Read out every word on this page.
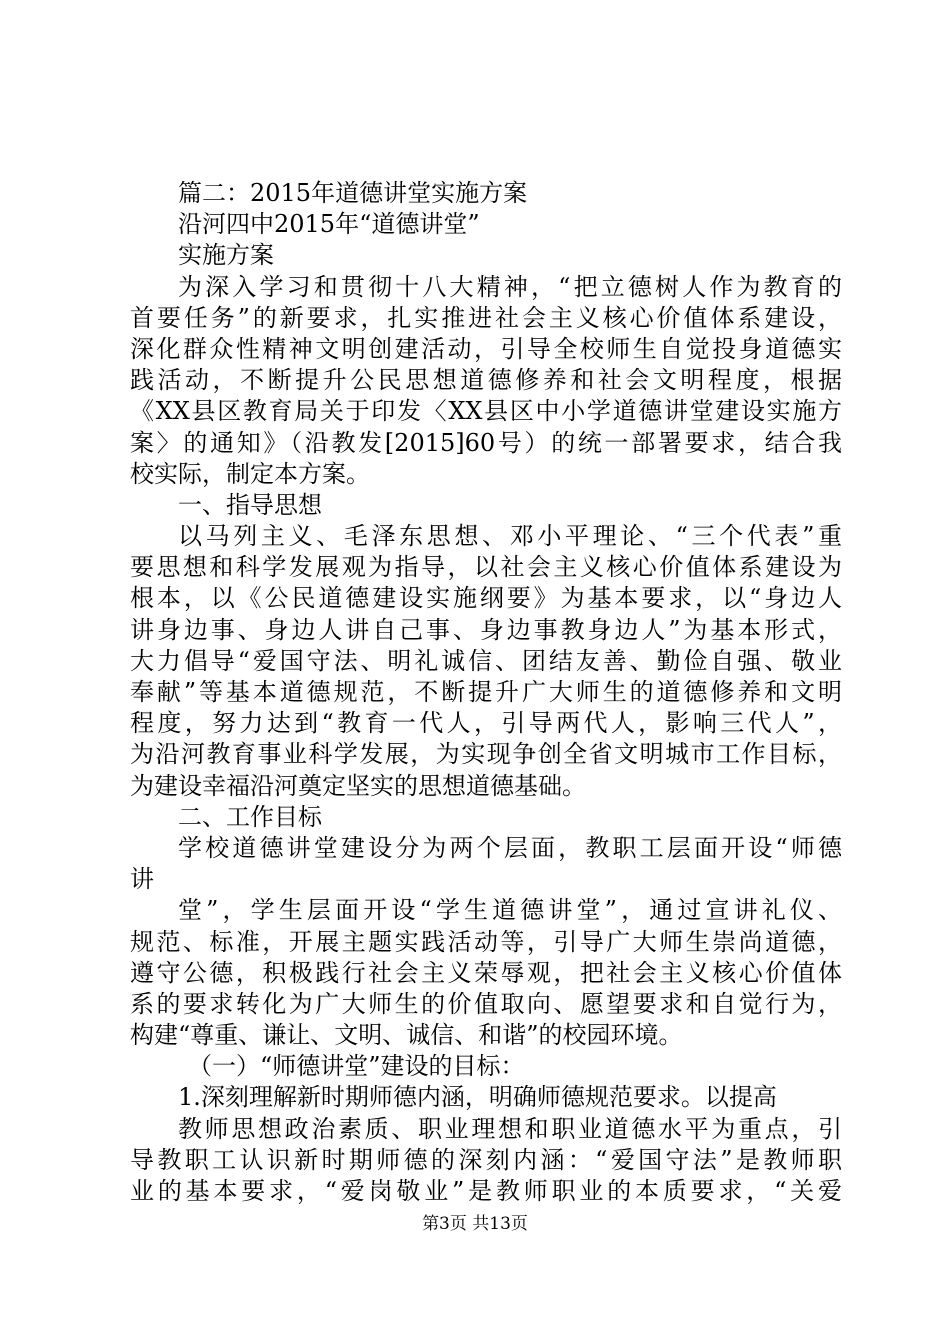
篇二：2015年道德讲堂实施方案
沿河四中2015年“道德讲堂”
实施方案
为深入学习和贯彻十八大精神，“把立德树人作为教育的
首要任务”的新要求，扎实推进社会主义核心价值体系建设，
深化群众性精神文明创建活动，引导全校师生自觉投身道德实
践活动，不断提升公民思想道德修养和社会文明程度，根据
《XX县区教育局关于印发〈XX县区中小学道德讲堂建设实施方
案〉的通知》（沿教发[2015]60号）的统一部署要求，结合我
校实际，制定本方案。
一、指导思想
以马列主义、毛泽东思想、邓小平理论、“三个代表”重
要思想和科学发展观为指导，以社会主义核心价值体系建设为
根本，以《公民道德建设实施纲要》为基本要求，以“身边人
讲身边事、身边人讲自己事、身边事教身边人”为基本形式，
大力倡导“爱国守法、明礼诚信、团结友善、勤俭自强、敬业
奉献”等基本道德规范，不断提升广大师生的道德修养和文明
程度，努力达到“教育一代人，引导两代人，影响三代人”，
为沿河教育事业科学发展，为实现争创全省文明城市工作目标，
为建设幸福沿河奠定坚实的思想道德基础。
二、工作目标
学校道德讲堂建设分为两个层面，教职工层面开设“师德
讲
堂”，学生层面开设“学生道德讲堂”，通过宣讲礼仪、
规范、标准，开展主题实践活动等，引导广大师生崇尚道德，
遵守公德，积极践行社会主义荣辱观，把社会主义核心价值体
系的要求转化为广大师生的价值取向、愿望要求和自觉行为，
构建“尊重、谦让、文明、诚信、和谐”的校园环境。
（一）“师德讲堂”建设的目标：
1.深刻理解新时期师德内涵，明确师德规范要求。以提高
教师思想政治素质、职业理想和职业道德水平为重点，引
导教职工认识新时期师德的深刻内涵：“爱国守法”是教师职
业的基本要求，“爱岗敬业”是教师职业的本质要求，“关爱
第3页 共13页
